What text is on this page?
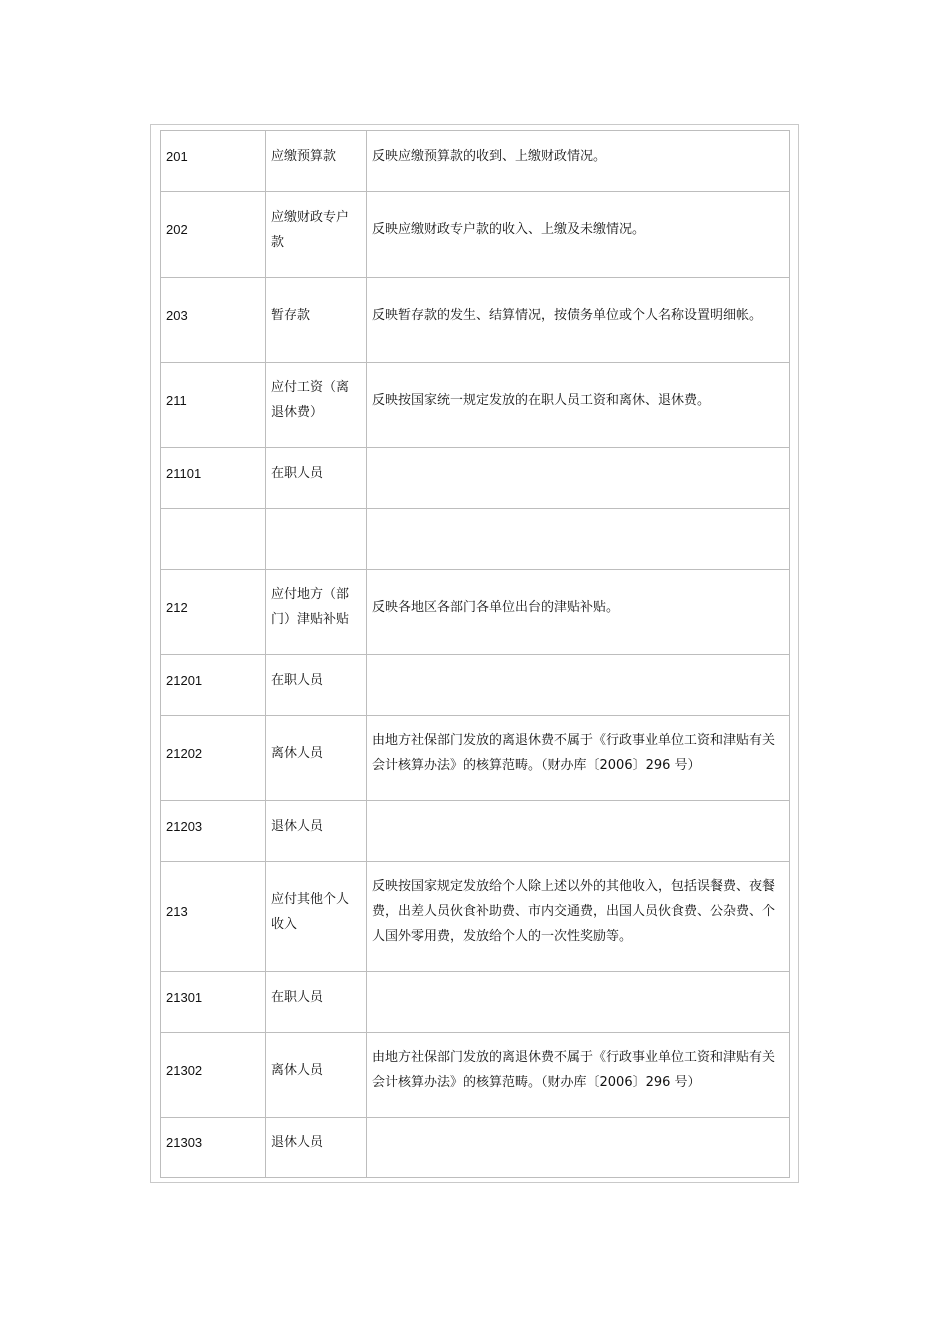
201	应缴预算款	反映应缴预算款的收到、上缴财政情况。

202	应缴财政专户款	反映应缴财政专户款的收入、上缴及未缴情况。

203	暂存款	反映暂存款的发生、结算情况，按债务单位或个人名称设置明细帐。

211	应付工资（离退休费）	反映按国家统一规定发放的在职人员工资和离休、退休费。

21101	在职人员	

212	应付地方（部门）津贴补贴	反映各地区各部门各单位出台的津贴补贴。

21201	在职人员	

21202	离休人员	由地方社保部门发放的离退休费不属于《行政事业单位工资和津贴有关会计核算办法》的核算范畴。（财办库〔2006〕296 号）

21203	退休人员	

213	应付其他个人收入	反映按国家规定发放给个人除上述以外的其他收入，包括误餐费、夜餐费，出差人员伙食补助费、市内交通费，出国人员伙食费、公杂费、个人国外零用费，发放给个人的一次性奖励等。

21301	在职人员	

21302	离休人员	由地方社保部门发放的离退休费不属于《行政事业单位工资和津贴有关会计核算办法》的核算范畴。（财办库〔2006〕296 号）

21303	退休人员	
